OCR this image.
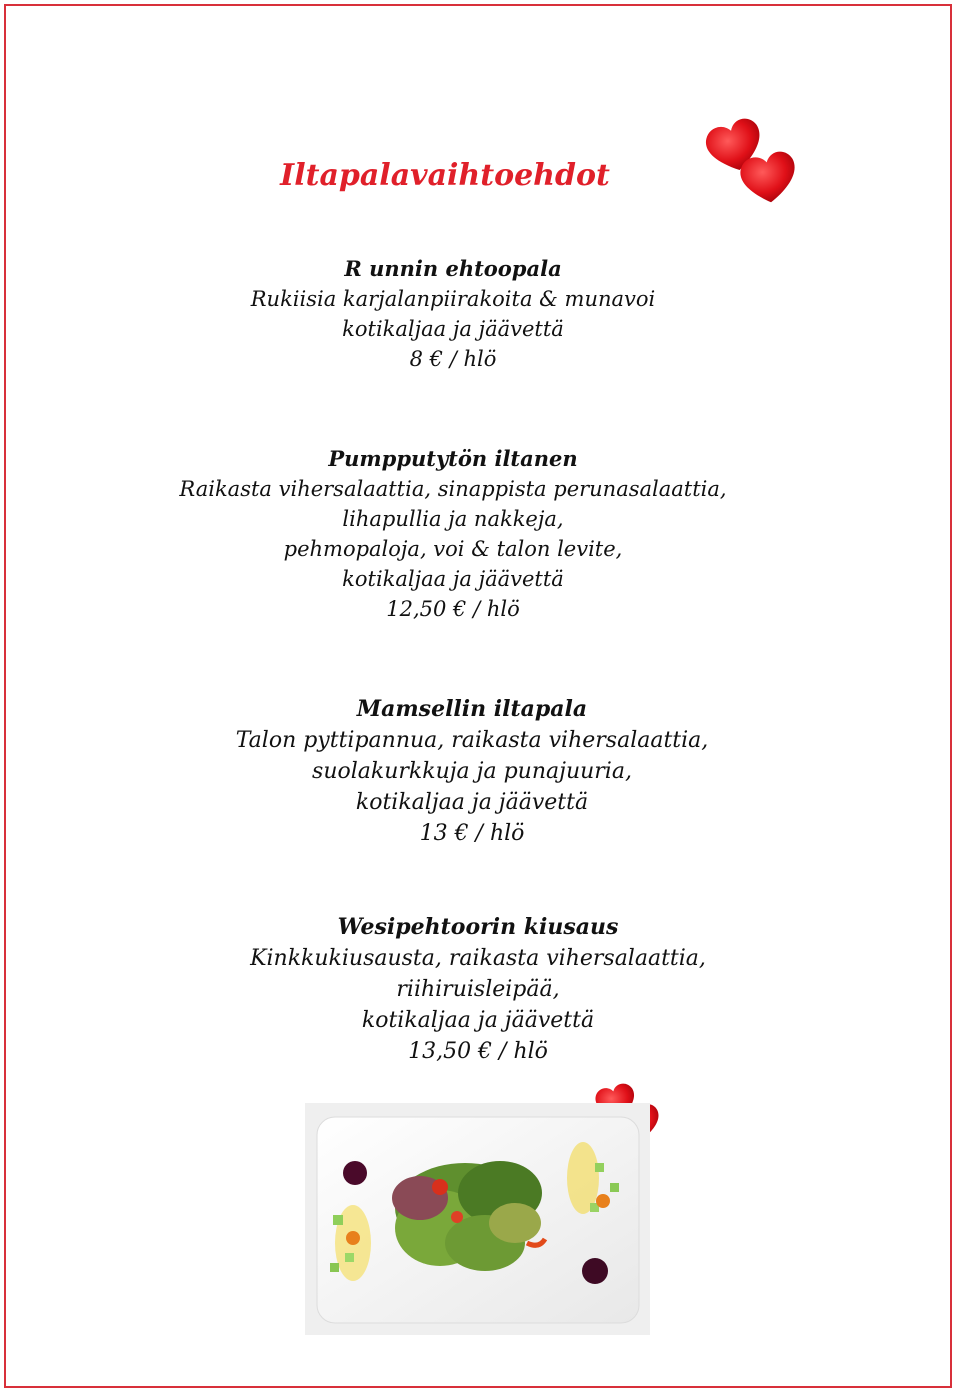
Iltapalavaihtoehdot
R unnin ehtoopala
Rukiisia karjalanpiirakoita & munavoi
kotikaljaa ja jäävettä
8 € / hlö
Pumpputytön iltanen
Raikasta vihersalaattia, sinappista perunasalaattia,
lihapullia ja nakkeja,
pehmopaloja, voi & talon levite,
kotikaljaa ja jäävettä
12,50 € / hlö
Mamsellin iltapala
Talon pyttipannua, raikasta vihersalaattia,
suolakurkkuja ja punajuuria,
kotikaljaa ja jäävettä
13 € / hlö
Wesipehtoorin kiusaus
Kinkkukiusausta, raikasta vihersalaattia,
riihiruisleipää,
kotikaljaa ja jäävettä
13,50 € / hlö
